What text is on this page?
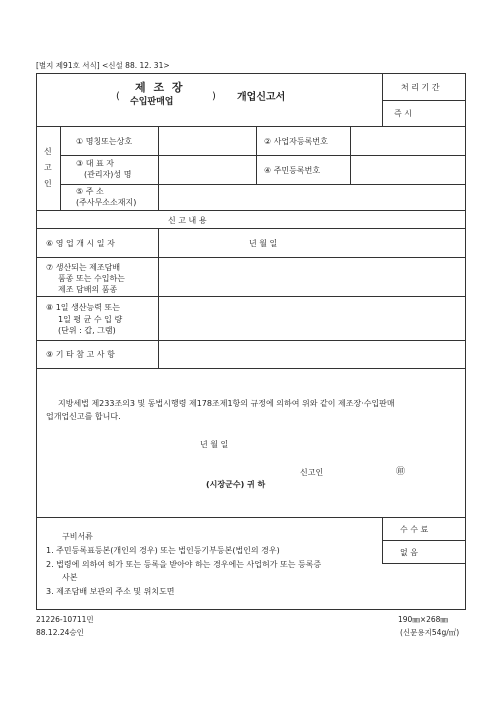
[별지 제91호 서식] <신설 88. 12. 31>
(
제 조 장
수입판매업	) 개업신고서
처 리 기 간
즉 시
신
고
인
① 명칭또는상호	② 사업자등록번호
③ 대 표 자
(관리자)성 명	④ 주민등록번호
⑤ 주 소
(주사무소소재지)
신 고 내 용
⑥ 영 업 개 시 일 자	년 월 일
⑦ 생산되는 제조담배
품종 또는 수입하는
제조 담배의 품종
⑧ 1일 생산능력 또는
1일 평 균 수 입 량
(단위 : 갑, 그램)
⑨ 기 타 참 고 사 항
지방세법 제233조의3 및 동법시행령 제178조제1항의 규정에 의하여 위와 같이 제조장·수입판매
업개업신고를 합니다.
년 월 일
신고인	㊞
(시장군수) 귀 하
구비서류
1. 주민등록표등본(개인의 경우) 또는 법인등기부등본(법인의 경우)
2. 법령에 의하여 허가 또는 등록을 받아야 하는 경우에는 사업허가 또는 등록증
사본
3. 제조담배 보관의 주소 및 위치도면
수 수 료
없 음
21226-10711민
88.12.24승인
190㎜×268㎜
(신문용지54g/㎡)
